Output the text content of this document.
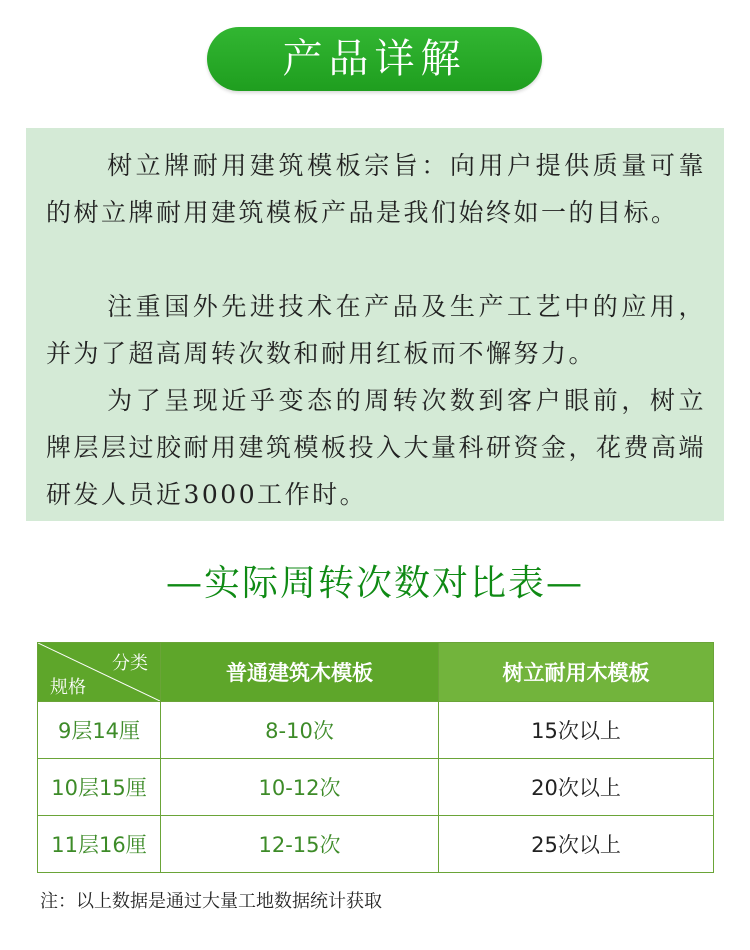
产品详解

树立牌耐用建筑模板宗旨：向用户提供质量可靠的树立牌耐用建筑模板产品是我们始终如一的目标。

注重国外先进技术在产品及生产工艺中的应用，并为了超高周转次数和耐用红板而不懈努力。

为了呈现近乎变态的周转次数到客户眼前，树立牌层层过胶耐用建筑模板投入大量科研资金，花费高端研发人员近3000工作时。

—实际周转次数对比表—
分类
规格	普通建筑木模板	树立耐用木模板
9层14厘	8-10次	15次以上
10层15厘	10-12次	20次以上
11层16厘	12-15次	25次以上
注：以上数据是通过大量工地数据统计获取
